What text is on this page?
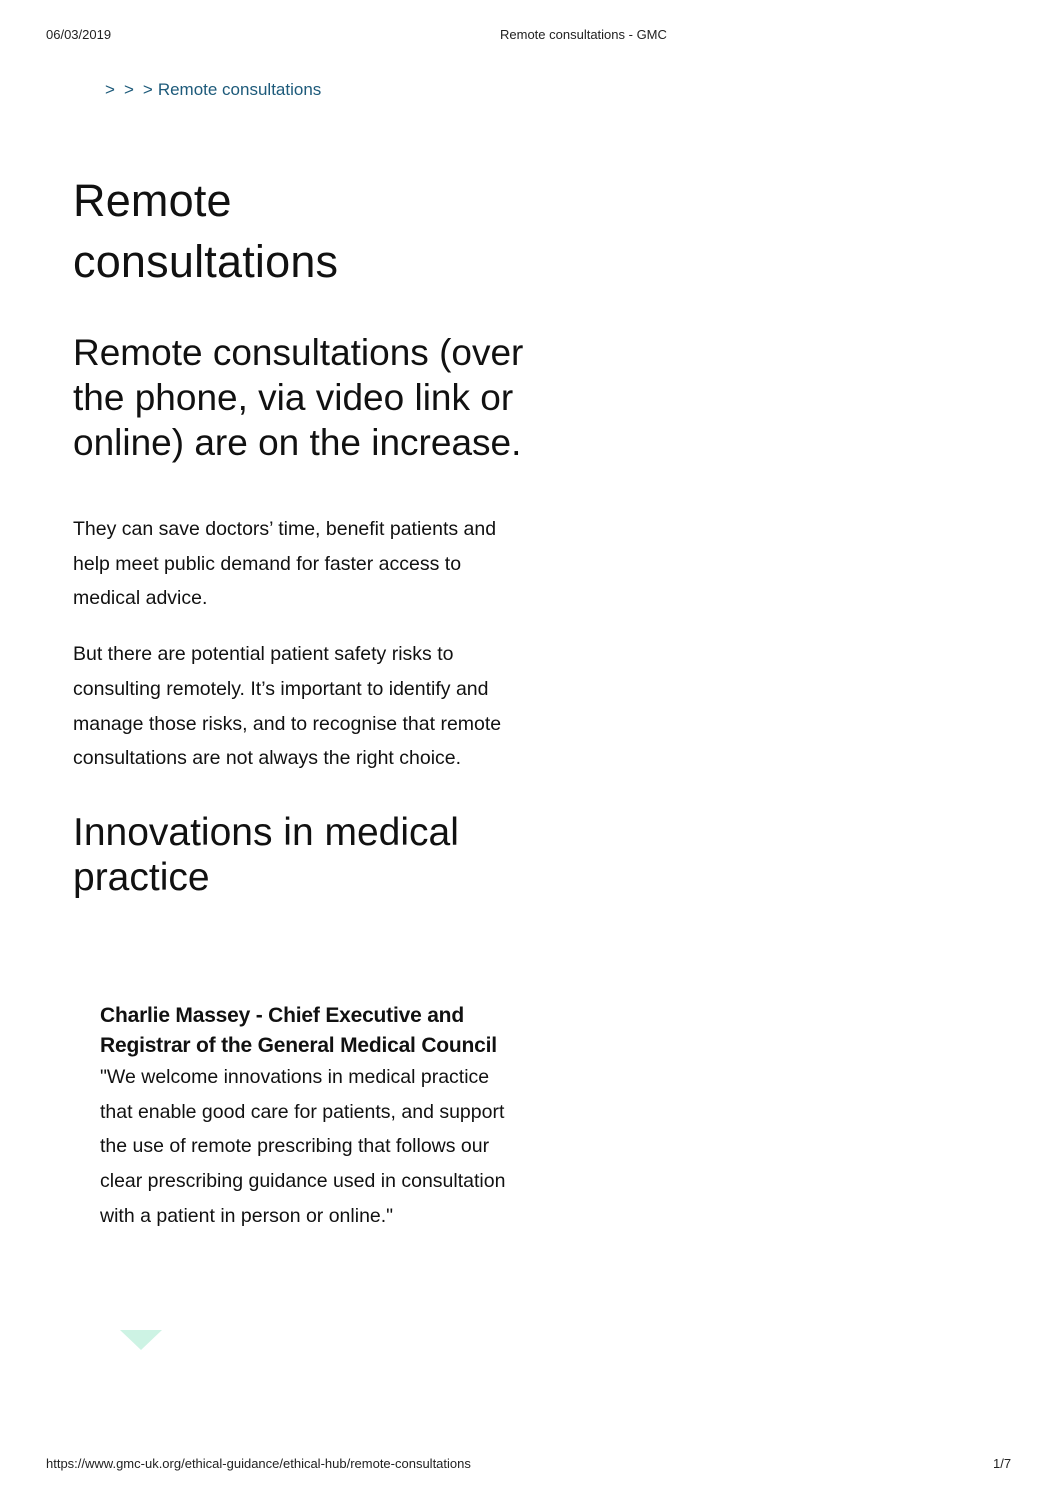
06/03/2019	Remote consultations - GMC
> > > Remote consultations
Remote consultations

Remote consultations (over the phone, via video link or online) are on the increase.

They can save doctors’ time, benefit patients and help meet public demand for faster access to medical advice.

But there are potential patient safety risks to consulting remotely. It’s important to identify and manage those risks, and to recognise that remote consultations are not always the right choice.

Innovations in medical practice

Charlie Massey - Chief Executive and Registrar of the General Medical Council

"We welcome innovations in medical practice that enable good care for patients, and support the use of remote prescribing that follows our clear prescribing guidance used in consultation with a patient in person or online."

https://www.gmc-uk.org/ethical-guidance/ethical-hub/remote-consultations	1/7
